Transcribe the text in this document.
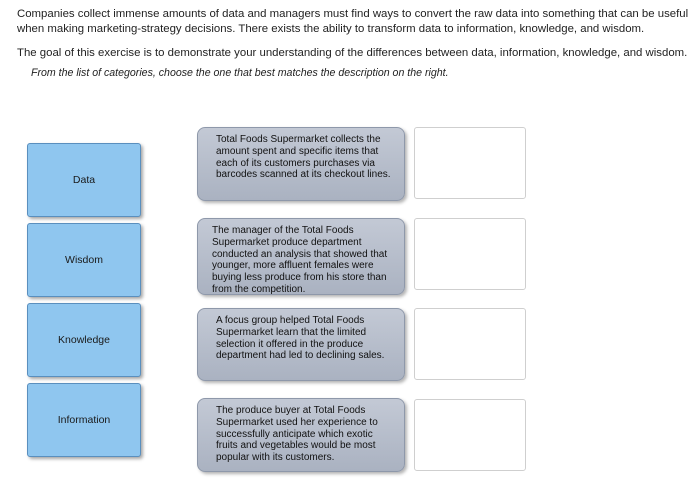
Companies collect immense amounts of data and managers must find ways to convert the raw data into something that can be useful when making marketing-strategy decisions. There exists the ability to transform data to information, knowledge, and wisdom.
The goal of this exercise is to demonstrate your understanding of the differences between data, information, knowledge, and wisdom.
From the list of categories, choose the one that best matches the description on the right.
Data
Wisdom
Knowledge
Information
Total Foods Supermarket collects the amount spent and specific items that each of its customers purchases via barcodes scanned at its checkout lines.
The manager of the Total Foods Supermarket produce department conducted an analysis that showed that younger, more affluent females were buying less produce from his store than from the competition.
A focus group helped Total Foods Supermarket learn that the limited selection it offered in the produce department had led to declining sales.
The produce buyer at Total Foods Supermarket used her experience to successfully anticipate which exotic fruits and vegetables would be most popular with its customers.
